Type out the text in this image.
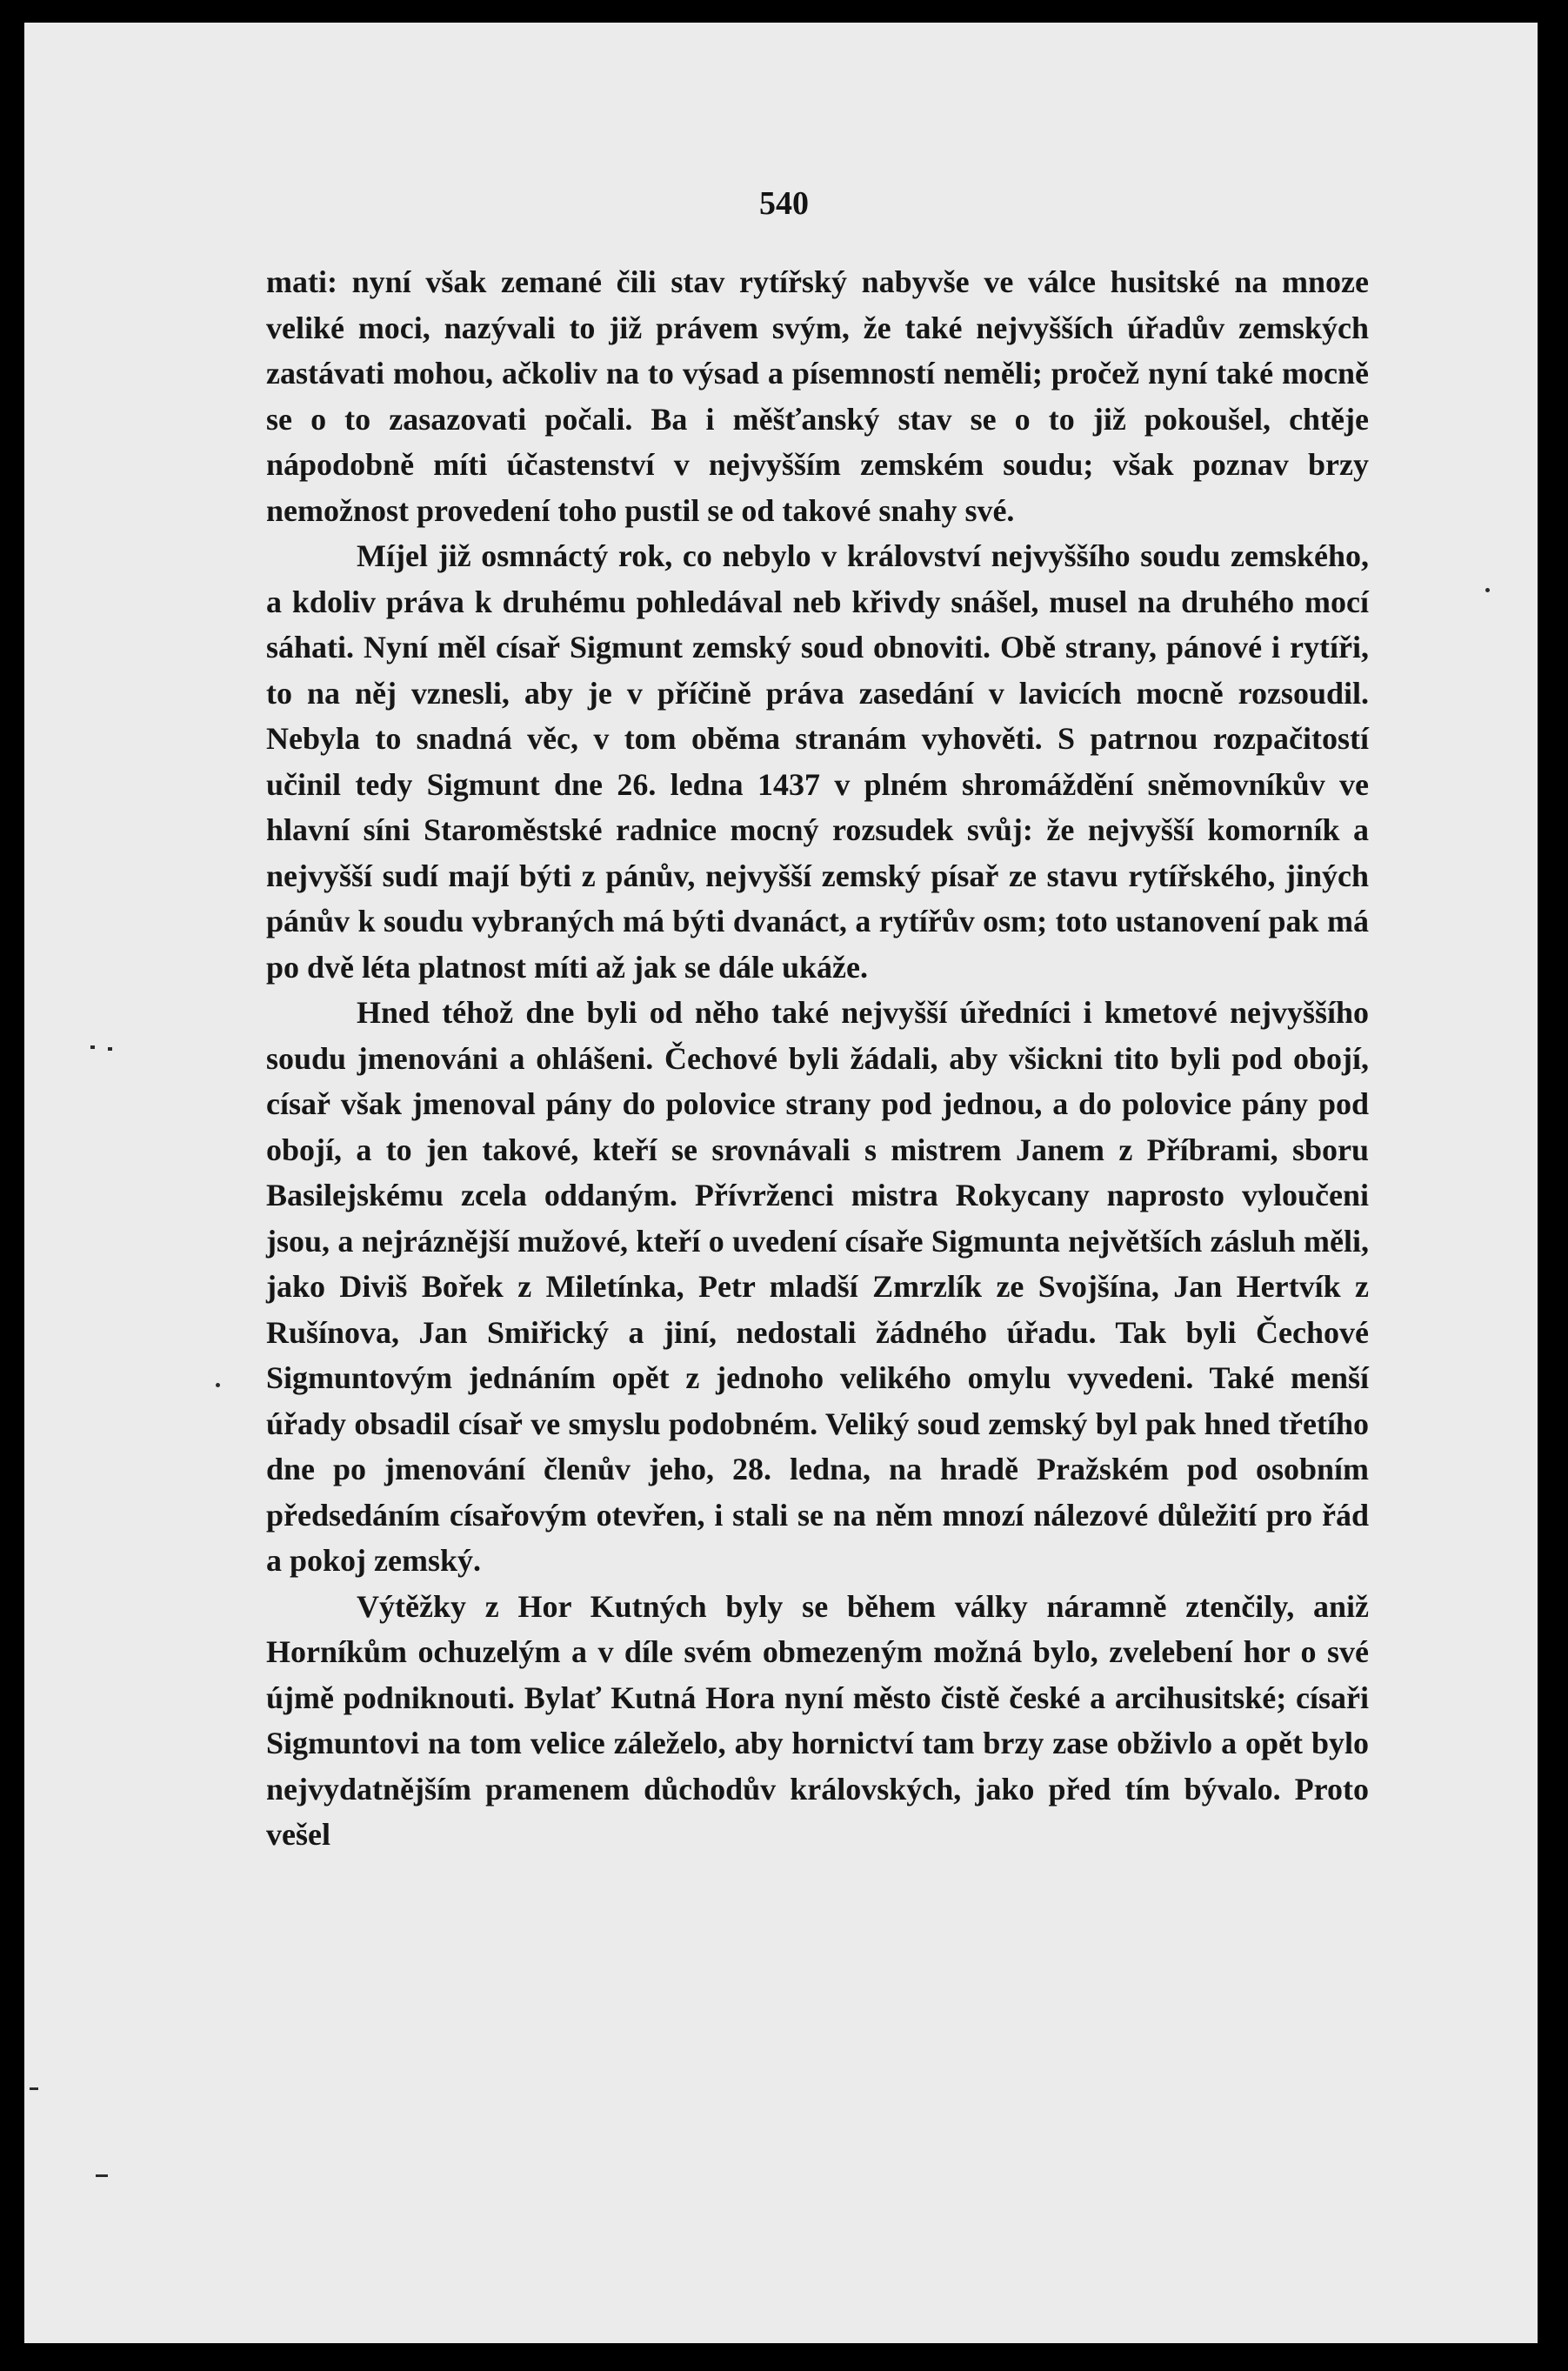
540

mati: nyní však zemané čili stav rytířský nabyvše ve válce husitské na mnoze veliké moci, nazývali to již právem svým, že také nejvyšších úřadův zemských zastávati mohou, ačkoliv na to výsad a písemností neměli; pročež nyní také mocně se o to zasazovati počali. Ba i měšťanský stav se o to již pokoušel, chtěje nápodobně míti účastenství v nejvyšším zemském soudu; však poznav brzy nemožnost provedení toho pustil se od takové snahy své.

Míjel již osmnáctý rok, co nebylo v království nejvyššího soudu zemského, a kdoliv práva k druhému pohledával neb křivdy snášel, musel na druhého mocí sáhati. Nyní měl císař Sigmunt zemský soud obnoviti. Obě strany, pánové i rytíři, to na něj vznesli, aby je v příčině práva zasedání v lavicích mocně rozsoudil. Nebyla to snadná věc, v tom oběma stranám vyhověti. S patrnou rozpačitostí učinil tedy Sigmunt dne 26. ledna 1437 v plném shromáždění sněmovníkův ve hlavní síni Staroměstské radnice mocný rozsudek svůj: že nejvyšší komorník a nejvyšší sudí mají býti z pánův, nejvyšší zemský písař ze stavu rytířského, jiných pánův k soudu vybraných má býti dvanáct, a rytířův osm; toto ustanovení pak má po dvě léta platnost míti až jak se dále ukáže.

Hned téhož dne byli od něho také nejvyšší úředníci i kmetové nejvyššího soudu jmenováni a ohlášeni. Čechové byli žádali, aby všickni tito byli pod obojí, císař však jmenoval pány do polovice strany pod jednou, a do polovice pány pod obojí, a to jen takové, kteří se srovnávali s mistrem Janem z Příbrami, sboru Basilejskému zcela oddaným. Přívrženci mistra Rokycany naprosto vyloučeni jsou, a nejráznější mužové, kteří o uvedení císaře Sigmunta největších zásluh měli, jako Diviš Bořek z Miletínka, Petr mladší Zmrzlík ze Svojšína, Jan Hertvík z Rušínova, Jan Smiřický a jiní, nedostali žádného úřadu. Tak byli Čechové Sigmuntovým jednáním opět z jednoho velikého omylu vyvedeni. Také menší úřady obsadil císař ve smyslu podobném. Veliký soud zemský byl pak hned třetího dne po jmenování členův jeho, 28. ledna, na hradě Pražském pod osobním předsedáním císařovým otevřen, i stali se na něm mnozí nálezové důležití pro řád a pokoj zemský.

Výtěžky z Hor Kutných byly se během války náramně ztenčily, aniž Horníkům ochuzelým a v díle svém obmezeným možná bylo, zvelebení hor o své újmě podniknouti. Bylať Kutná Hora nyní město čistě české a arcihusitské; císaři Sigmuntovi na tom velice záleželo, aby hornictví tam brzy zase obživlo a opět bylo nejvydatnějším pramenem důchodův královských, jako před tím bývalo. Proto vešel
